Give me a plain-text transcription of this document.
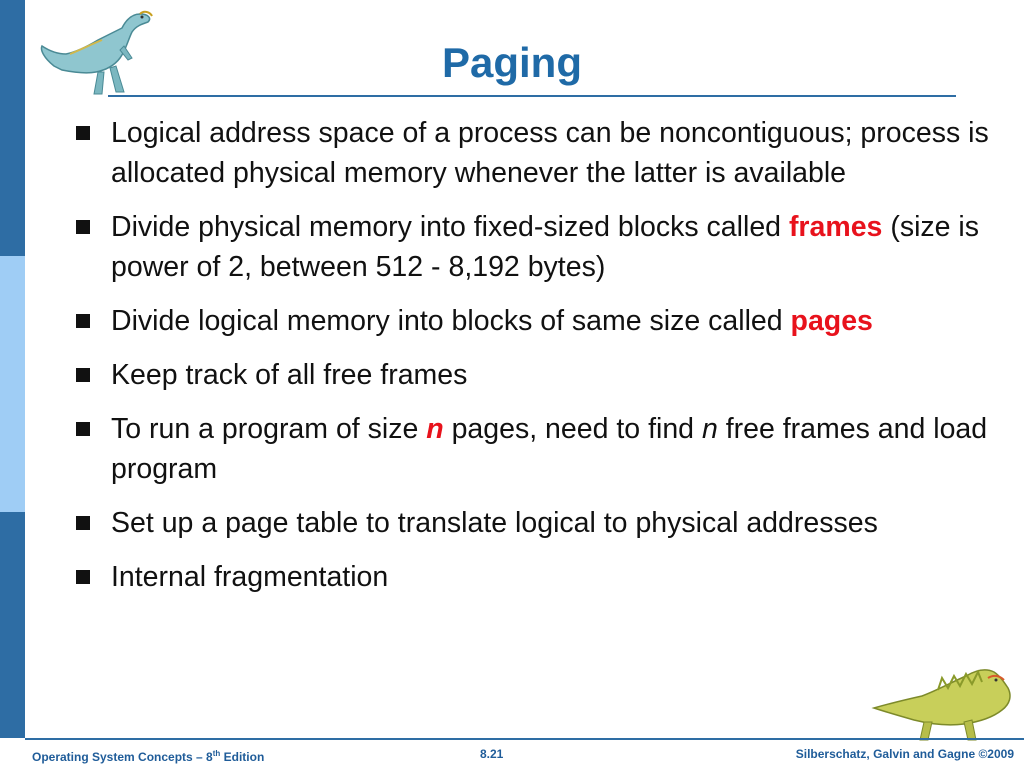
Paging
Logical address space of a process can be noncontiguous; process is allocated physical memory whenever the latter is available
Divide physical memory into fixed-sized blocks called frames (size is power of 2, between 512 - 8,192 bytes)
Divide logical memory into blocks of same size called pages
Keep track of all free frames
To run a program of size n pages, need to find n free frames and load program
Set up a page table to translate logical to physical addresses
Internal fragmentation
Operating System Concepts – 8th Edition	8.21	Silberschatz, Galvin and Gagne ©2009
